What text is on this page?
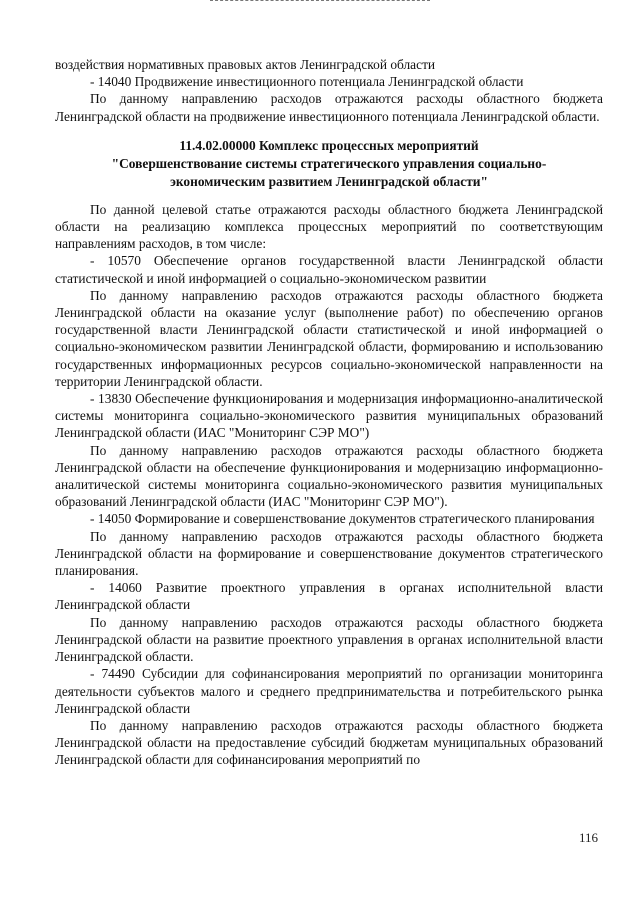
воздействия нормативных правовых актов Ленинградской области

- 14040 Продвижение инвестиционного потенциала Ленинградской области

По данному направлению расходов отражаются расходы областного бюджета Ленинградской области на продвижение инвестиционного потенциала Ленинградской области.

11.4.02.00000 Комплекс процессных мероприятий
"Совершенствование системы стратегического управления социально-
экономическим развитием Ленинградской области"

По данной целевой статье отражаются расходы областного бюджета Ленинградской области на реализацию комплекса процессных мероприятий по соответствующим направлениям расходов, в том числе:

- 10570 Обеспечение органов государственной власти Ленинградской области статистической и иной информацией о социально-экономическом развитии

По данному направлению расходов отражаются расходы областного бюджета Ленинградской области на оказание услуг (выполнение работ) по обеспечению органов государственной власти Ленинградской области статистической и иной информацией о социально-экономическом развитии Ленинградской области, формированию и использованию государственных информационных ресурсов социально-экономической направленности на территории Ленинградской области.

- 13830 Обеспечение функционирования и модернизация информационно-аналитической системы мониторинга социально-экономического развития муниципальных образований Ленинградской области (ИАС "Мониторинг СЭР МО")

По данному направлению расходов отражаются расходы областного бюджета Ленинградской области на обеспечение функционирования и модернизацию информационно-аналитической системы мониторинга социально-экономического развития муниципальных образований Ленинградской области (ИАС "Мониторинг СЭР МО").

- 14050 Формирование и совершенствование документов стратегического планирования

По данному направлению расходов отражаются расходы областного бюджета Ленинградской области на формирование и совершенствование документов стратегического планирования.

- 14060 Развитие проектного управления в органах исполнительной власти Ленинградской области

По данному направлению расходов отражаются расходы областного бюджета Ленинградской области на развитие проектного управления в органах исполнительной власти Ленинградской области.

- 74490 Субсидии для софинансирования мероприятий по организации мониторинга деятельности субъектов малого и среднего предпринимательства и потребительского рынка Ленинградской области

По данному направлению расходов отражаются расходы областного бюджета Ленинградской области на предоставление субсидий бюджетам муниципальных образований Ленинградской области для софинансирования мероприятий по

116
